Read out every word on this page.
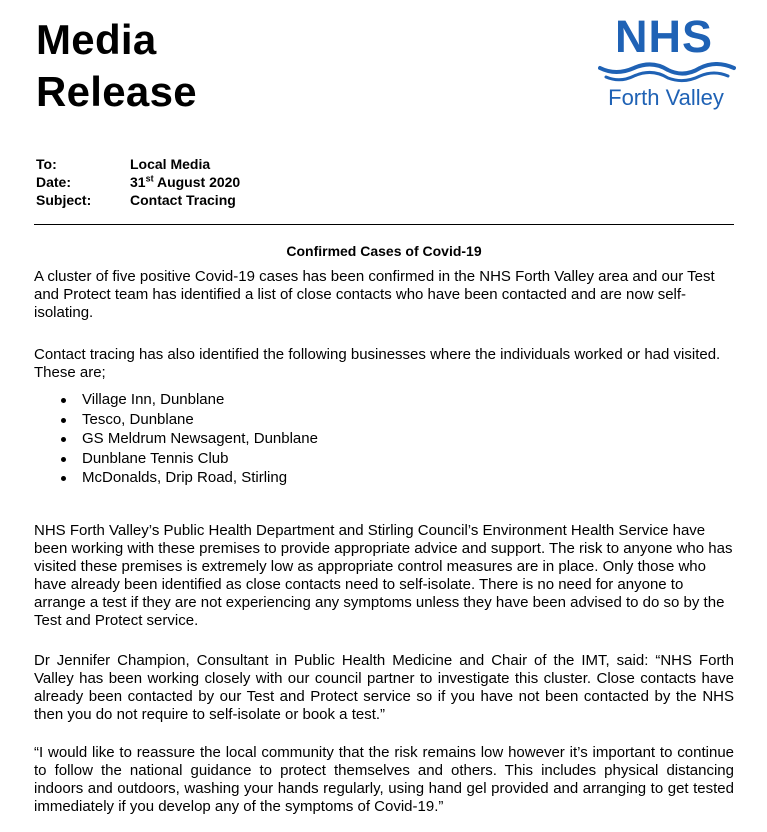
Media
Release
NHS
Forth Valley
To:	Local Media
Date:	31st August 2020
Subject:	Contact Tracing
Confirmed Cases of Covid-19

A cluster of five positive Covid-19 cases has been confirmed in the NHS Forth Valley area and our Test and Protect team has identified a list of close contacts who have been contacted and are now self-isolating.

Contact tracing has also identified the following businesses where the individuals worked or had visited. These are;

Village Inn, Dunblane
Tesco, Dunblane
GS Meldrum Newsagent, Dunblane
Dunblane Tennis Club
McDonalds, Drip Road, Stirling

NHS Forth Valley’s Public Health Department and Stirling Council’s Environment Health Service have been working with these premises to provide appropriate advice and support. The risk to anyone who has visited these premises is extremely low as appropriate control measures are in place. Only those who have already been identified as close contacts need to self-isolate. There is no need for anyone to arrange a test if they are not experiencing any symptoms unless they have been advised to do so by the Test and Protect service.

Dr Jennifer Champion, Consultant in Public Health Medicine and Chair of the IMT, said: “NHS Forth Valley has been working closely with our council partner to investigate this cluster. Close contacts have already been contacted by our Test and Protect service so if you have not been contacted by the NHS then you do not require to self-isolate or book a test.”

“I would like to reassure the local community that the risk remains low however it’s important to continue to follow the national guidance to protect themselves and others. This includes physical distancing indoors and outdoors, washing your hands regularly, using hand gel provided and arranging to get tested immediately if you develop any of the symptoms of Covid-19.”
